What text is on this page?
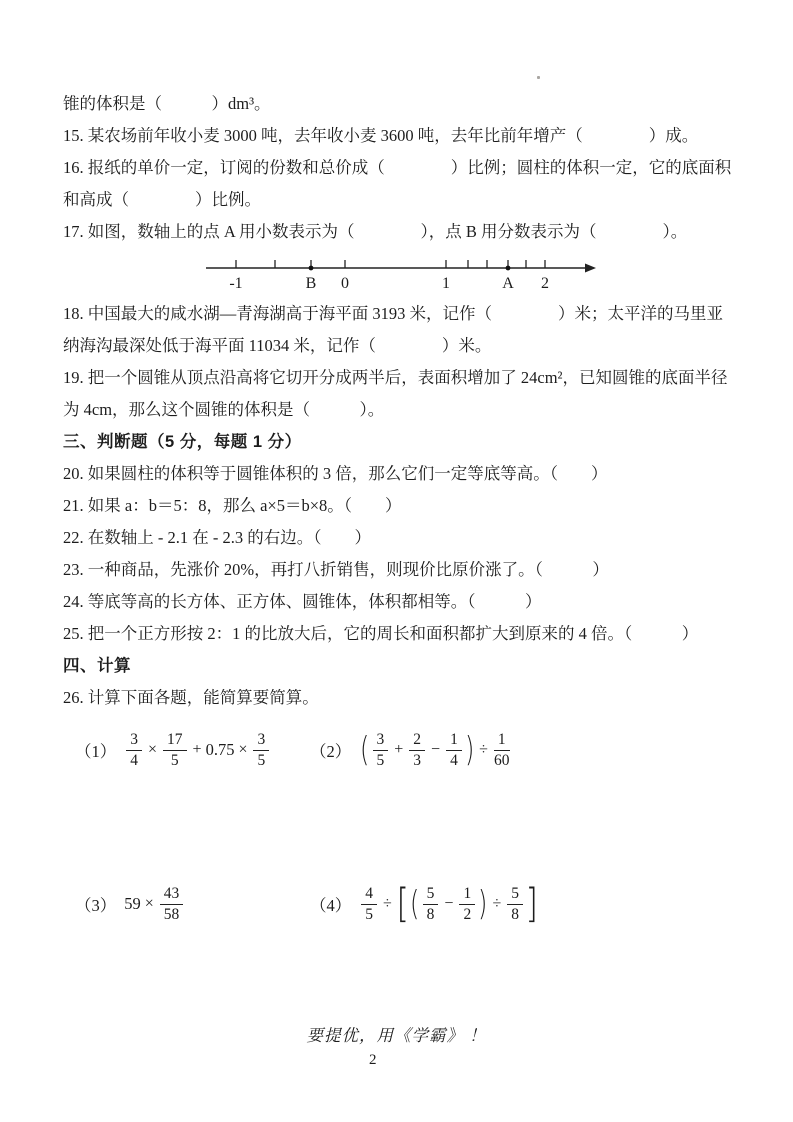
锥的体积是（　　　）dm³。
15. 某农场前年收小麦 3000 吨，去年收小麦 3600 吨，去年比前年增产（　　　　）成。
16. 报纸的单价一定，订阅的份数和总价成（　　　　）比例；圆柱的体积一定，它的底面积
和高成（　　　　）比例。
17. 如图，数轴上的点 A 用小数表示为（　　　　），点 B 用分数表示为（　　　　）。
-1	B 0	1	A 2
18. 中国最大的咸水湖—青海湖高于海平面 3193 米，记作（　　　　）米；太平洋的马里亚
纳海沟最深处低于海平面 11034 米，记作（　　　　）米。
19. 把一个圆锥从顶点沿高将它切开分成两半后，表面积增加了 24cm²，已知圆锥的底面半径
为 4cm，那么这个圆锥的体积是（　　　）。
三、判断题（5 分，每题 1 分）
20. 如果圆柱的体积等于圆锥体积的 3 倍，那么它们一定等底等高。（　　）
21. 如果 a：b＝5：8，那么 a×5＝b×8。（　　）
22. 在数轴上 - 2.1 在 - 2.3 的右边。（　　）
23. 一种商品，先涨价 20%，再打八折销售，则现价比原价涨了。（　　　）
24. 等底等高的长方体、正方体、圆锥体，体积都相等。（　　　）
25. 把一个正方形按 2：1 的比放大后，它的周长和面积都扩大到原来的 4 倍。（　　　）
四、计算
26. 计算下面各题，能简算要简算。
$(1) \frac{3}{4} \times \frac{17}{5} + 0.75 \times \frac{3}{5} (2)$ ( $\frac{3}{5} + \frac{2}{3} - \frac{1}{4}$ ) ÷ $\frac{1}{60}$
（3） $59 \times \frac{43}{58}$	$(4) \frac{4}{5}$ ÷ [ ( $\frac{5}{8} - \frac{1}{2}$ ) ÷ $\frac{5}{8}$ ]
要提优，用《学霸》 ！
2
